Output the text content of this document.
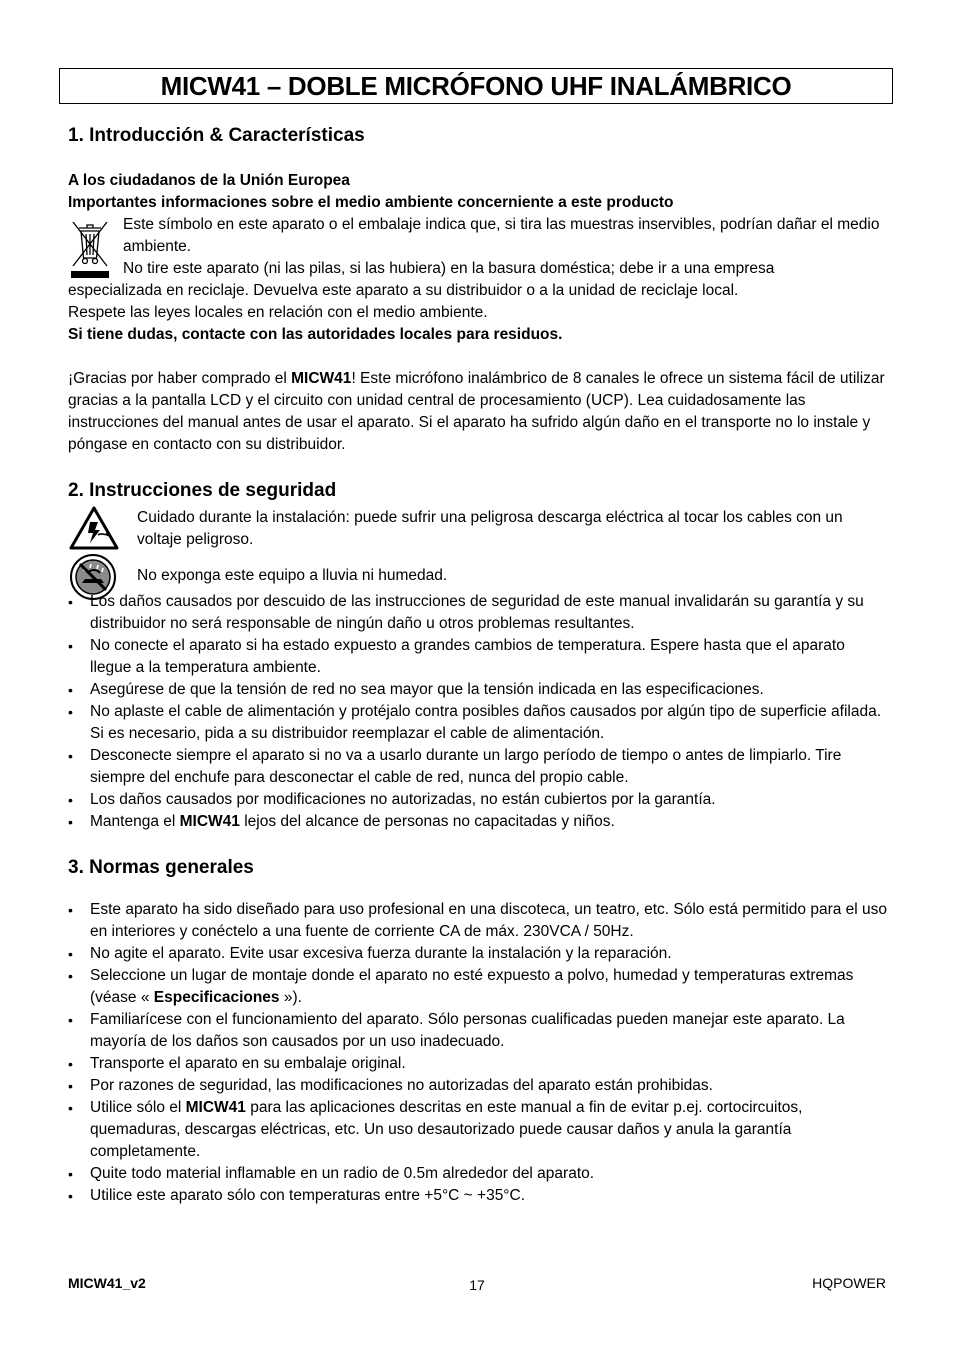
MICW41 – DOBLE MICRÓFONO UHF INALÁMBRICO
1. Introducción & Características

A los ciudadanos de la Unión Europea

Importantes informaciones sobre el medio ambiente concerniente a este producto

Este símbolo en este aparato o el embalaje indica que, si tira las muestras inservibles, podrían dañar el medio ambiente.

No tire este aparato (ni las pilas, si las hubiera) en la basura doméstica; debe ir a una empresa

especializada en reciclaje. Devuelva este aparato a su distribuidor o a la unidad de reciclaje local.

Respete las leyes locales en relación con el medio ambiente.

Si tiene dudas, contacte con las autoridades locales para residuos.

¡Gracias por haber comprado el MICW41! Este micrófono inalámbrico de 8 canales le ofrece un sistema fácil de utilizar gracias a la pantalla LCD y el circuito con unidad central de procesamiento (UCP). Lea cuidadosamente las instrucciones del manual antes de usar el aparato. Si el aparato ha sufrido algún daño en el transporte no lo instale y póngase en contacto con su distribuidor.

2. Instrucciones de seguridad

Cuidado durante la instalación: puede sufrir una peligrosa descarga eléctrica al tocar los cables con un voltaje peligroso.

No exponga este equipo a lluvia ni humedad.

• Los daños causados por descuido de las instrucciones de seguridad de este manual invalidarán su garantía y su distribuidor no será responsable de ningún daño u otros problemas resultantes.
• No conecte el aparato si ha estado expuesto a grandes cambios de temperatura. Espere hasta que el aparato llegue a la temperatura ambiente.
• Asegúrese de que la tensión de red no sea mayor que la tensión indicada en las especificaciones.
• No aplaste el cable de alimentación y protéjalo contra posibles daños causados por algún tipo de superficie afilada. Si es necesario, pida a su distribuidor reemplazar el cable de alimentación.
• Desconecte siempre el aparato si no va a usarlo durante un largo período de tiempo o antes de limpiarlo. Tire siempre del enchufe para desconectar el cable de red, nunca del propio cable.
• Los daños causados por modificaciones no autorizadas, no están cubiertos por la garantía.
• Mantenga el MICW41 lejos del alcance de personas no capacitadas y niños.
3. Normas generales
• Este aparato ha sido diseñado para uso profesional en una discoteca, un teatro, etc. Sólo está permitido para el uso en interiores y conéctelo a una fuente de corriente CA de máx. 230VCA / 50Hz.
• No agite el aparato. Evite usar excesiva fuerza durante la instalación y la reparación.
• Seleccione un lugar de montaje donde el aparato no esté expuesto a polvo, humedad y temperaturas extremas (véase « Especificaciones »).
• Familiarícese con el funcionamiento del aparato. Sólo personas cualificadas pueden manejar este aparato. La mayoría de los daños son causados por un uso inadecuado.
• Transporte el aparato en su embalaje original.
• Por razones de seguridad, las modificaciones no autorizadas del aparato están prohibidas.
• Utilice sólo el MICW41 para las aplicaciones descritas en este manual a fin de evitar p.ej. cortocircuitos, quemaduras, descargas eléctricas, etc. Un uso desautorizado puede causar daños y anula la garantía completamente.
• Quite todo material inflamable en un radio de 0.5m alrededor del aparato.
• Utilice este aparato sólo con temperaturas entre +5°C ~ +35°C.
MICW41_v2	17	HQPOWER
